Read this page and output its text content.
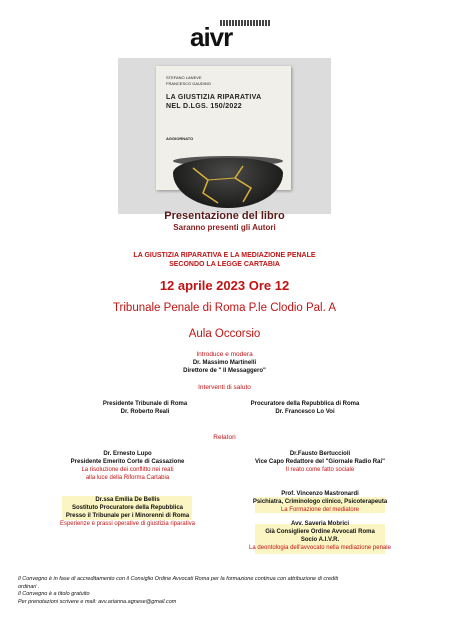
aivr
STEFANO LANEVE
FRANCESCO GAUDINO
LA GIUSTIZIA RIPARATIVA
NEL D.LGS. 150/2022
AGGIORNATO
Presentazione del libro
Saranno presenti gli Autori
LA GIUSTIZIA RIPARATIVA E LA MEDIAZIONE PENALE
SECONDO LA LEGGE CARTABIA
12 aprile 2023 Ore 12
Tribunale Penale di Roma P.le Clodio Pal. A
Aula Occorsio
Introduce e modera
Dr. Massimo Martinelli
Direttore de " Il Messaggero"
Interventi di saluto
Presidente Tribunale di Roma
Dr. Roberto Reali
Procuratore della Repubblica di Roma
Dr. Francesco Lo Voi
Relatori
Dr. Ernesto Lupo
Presidente Emerito Corte di Cassazione
La risoluzione dei conflitto nei reati
alla luce della Riforma Cartabia
Dr.ssa Emilia De Bellis
Sostituto Procuratore della Repubblica
Presso il Tribunale per i Minorenni di Roma
Esperienze e prassi operative di giustizia riparativa
Dr.Fausto Bertuccioli
Vice Capo Redattore del "Giornale Radio Rai"
Il reato come fatto sociale
Prof. Vincenzo Mastronardi
Psichiatra, Criminologo clinico, Psicoterapeuta
La Formazione del mediatore
Avv. Saveria Mobrici
Già Consigliere Ordine Avvocati Roma
Socio A.I.V.R.
La deontologia dell'avvocato nella mediazione penale
Il Convegno è in fase di accreditamento con il Consiglio Ordine Avvocati Roma per la formazione continua con attribuzione di crediti
ordinari .
Il Convegno è a titolo gratuito
Per prenotazioni scrivere e mail: avv.arianna.agnese@gmail.com
